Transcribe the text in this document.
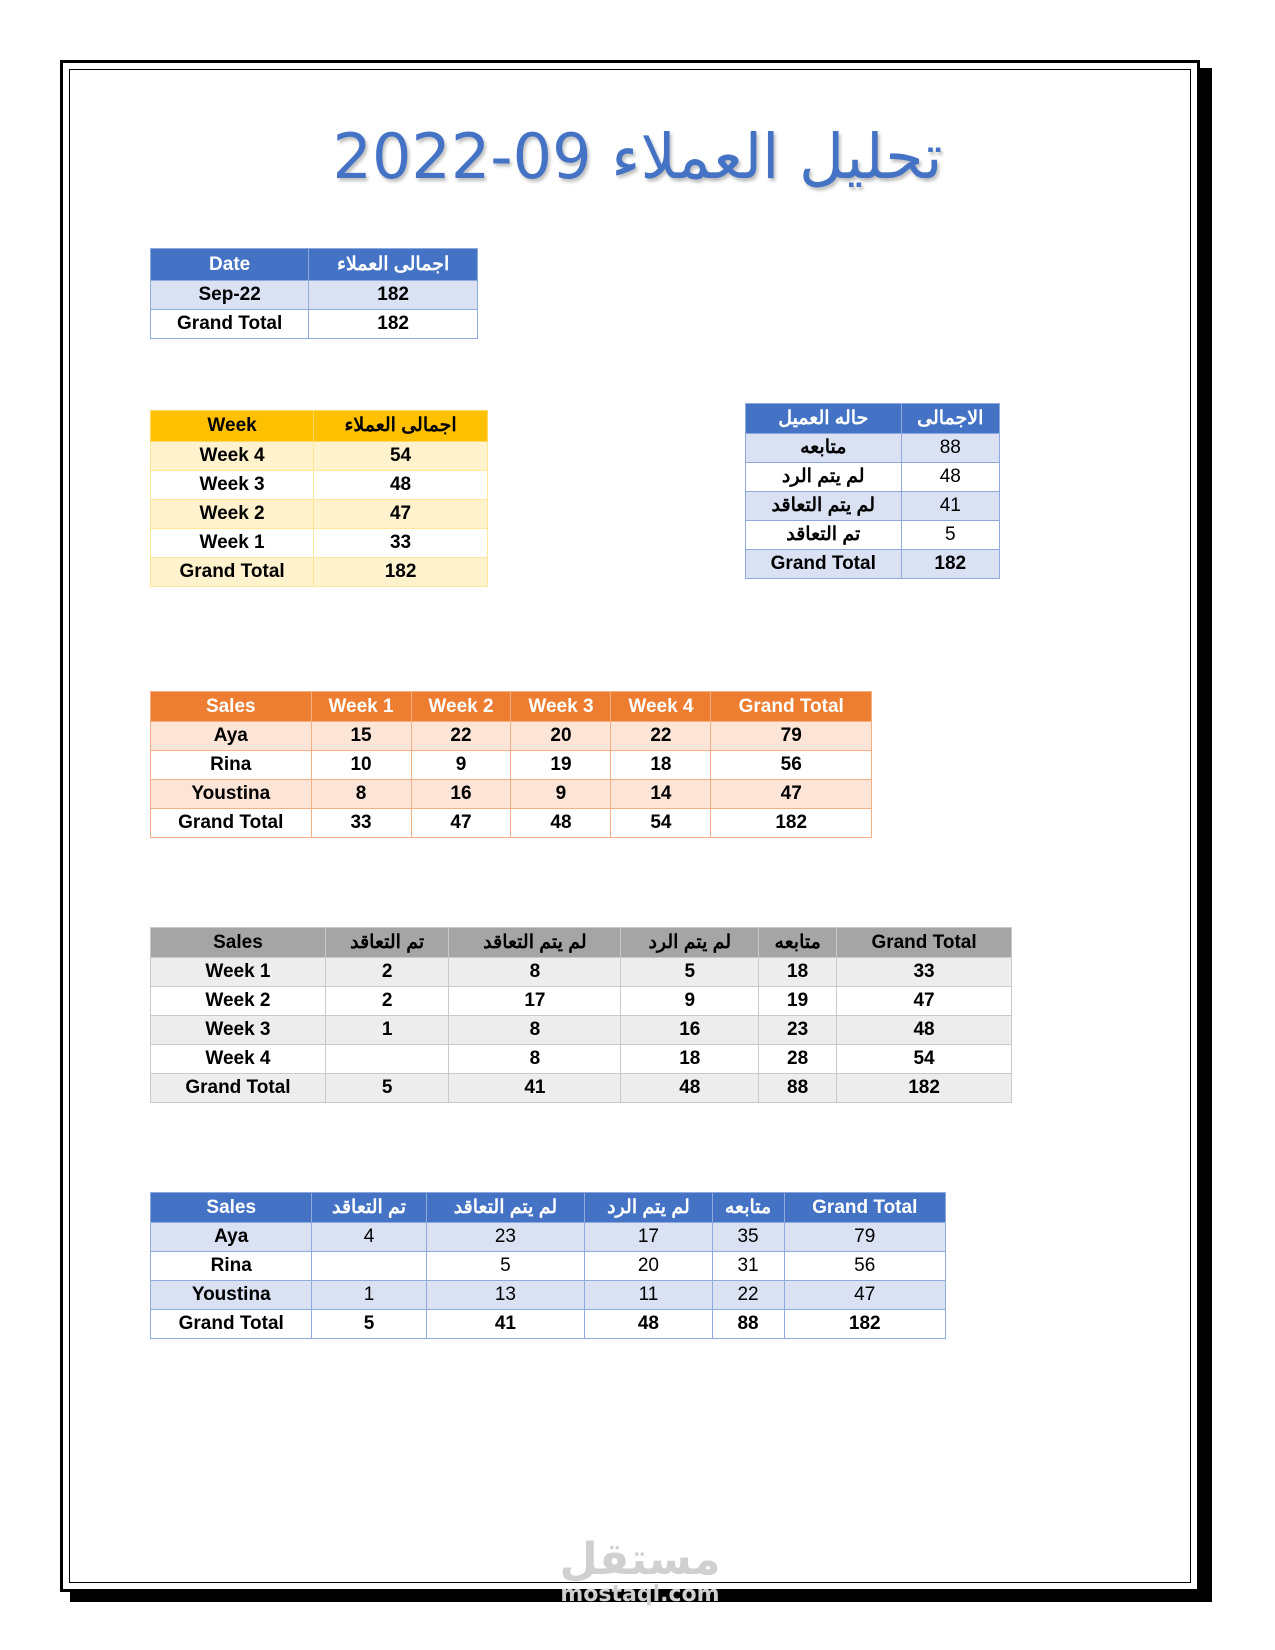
تحليل العملاء 09-2022
Date	اجمالى العملاء
Sep-22	182
Grand Total	182
Week	اجمالى العملاء
Week 4	54
Week 3	48
Week 2	47
Week 1	33
Grand Total	182
حاله العميل	الاجمالى
متابعه	88
لم يتم الرد	48
لم يتم التعاقد	41
تم التعاقد	5
Grand Total	182
Sales	Week 1	Week 2	Week 3	Week 4	Grand Total
Aya	15	22	20	22	79
Rina	10	9	19	18	56
Youstina	8	16	9	14	47
Grand Total	33	47	48	54	182
Sales	تم التعاقد	لم يتم التعاقد	لم يتم الرد	متابعه	Grand Total
Week 1	2	8	5	18	33
Week 2	2	17	9	19	47
Week 3	1	8	16	23	48
Week 4		8	18	28	54
Grand Total	5	41	48	88	182
Sales	تم التعاقد	لم يتم التعاقد	لم يتم الرد	متابعه	Grand Total
Aya	4	23	17	35	79
Rina		5	20	31	56
Youstina	1	13	11	22	47
Grand Total	5	41	48	88	182
مستقل
mostaql.com
